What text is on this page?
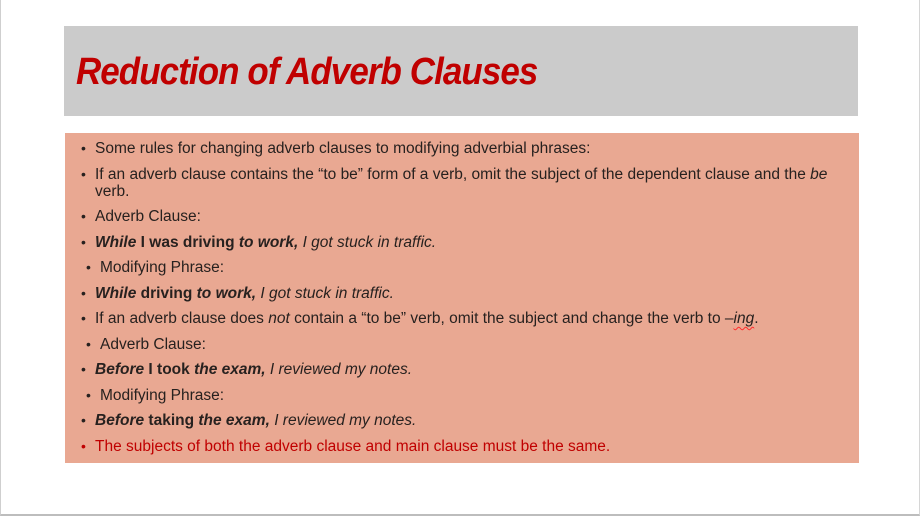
Reduction of Adverb Clauses
• Some rules for changing adverb clauses to modifying adverbial phrases:
• If an adverb clause contains the “to be” form of a verb, omit the subject of the dependent clause and the be verb.
• Adverb Clause:
• While I was driving to work, I got stuck in traffic.
• Modifying Phrase:
• While driving to work, I got stuck in traffic.
• If an adverb clause does not contain a “to be” verb, omit the subject and change the verb to –ing.
• Adverb Clause:
• Before I took the exam, I reviewed my notes.
• Modifying Phrase:
• Before taking the exam, I reviewed my notes.
• The subjects of both the adverb clause and main clause must be the same.
